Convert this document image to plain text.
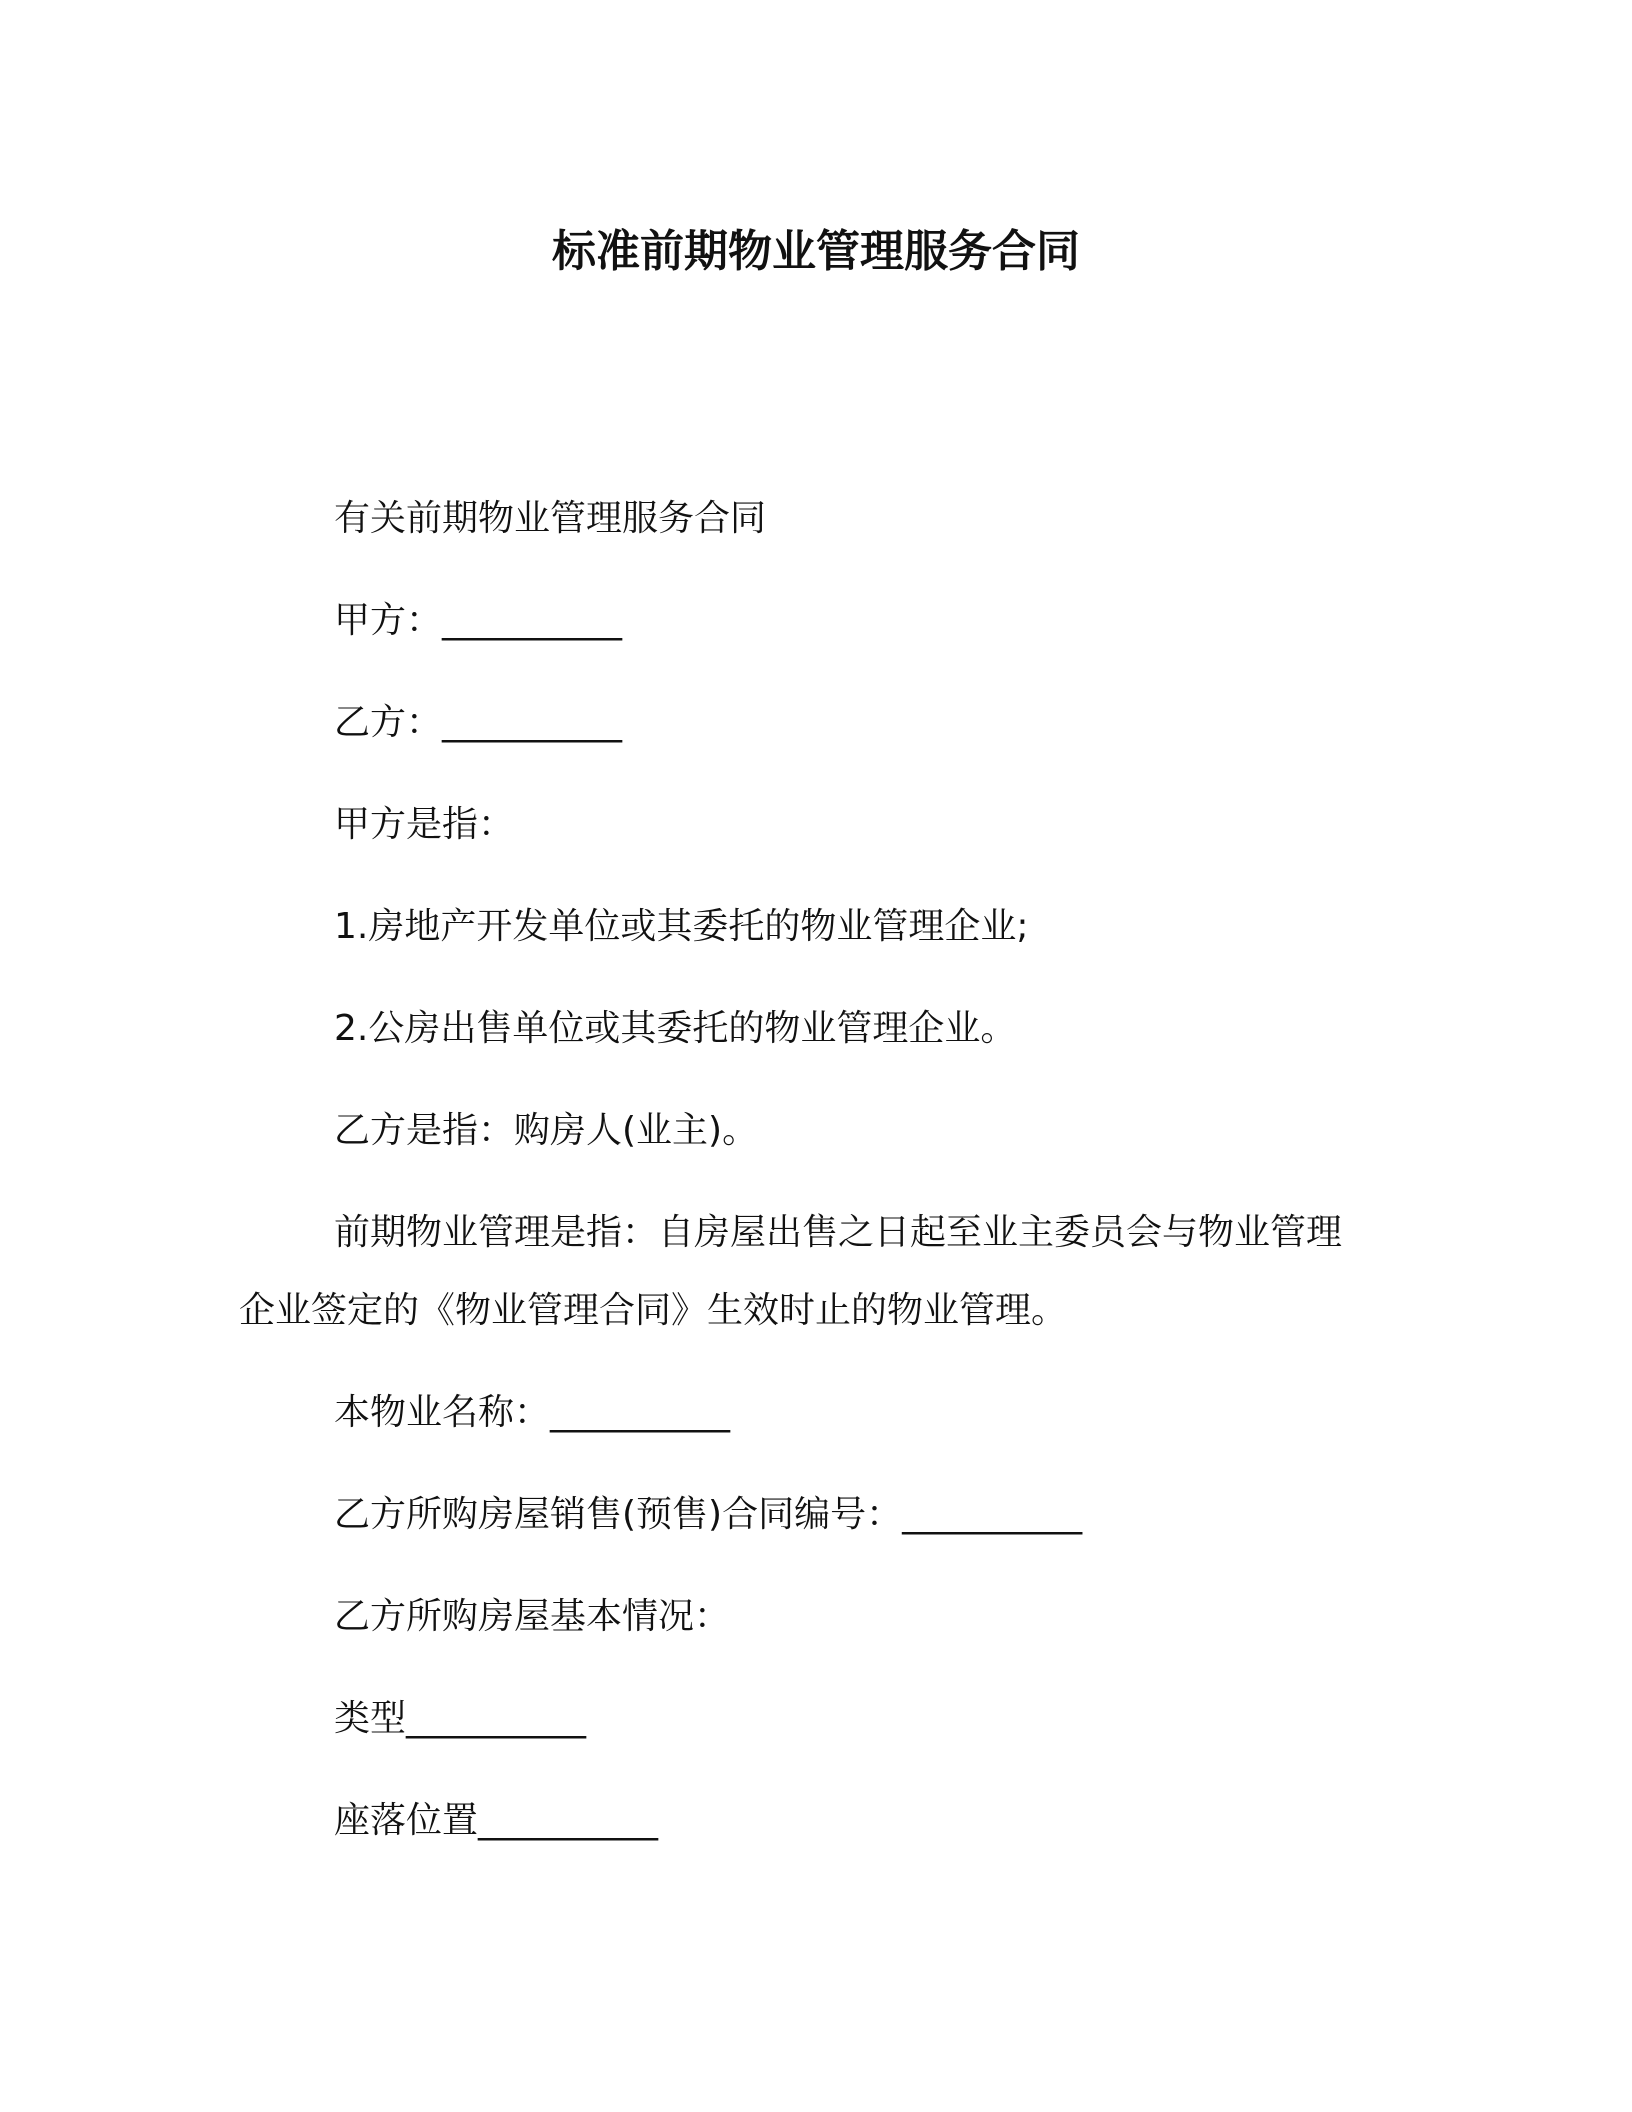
标准前期物业管理服务合同
有关前期物业管理服务合同
甲方：__________
乙方：__________
甲方是指：
1.房地产开发单位或其委托的物业管理企业;
2.公房出售单位或其委托的物业管理企业。
乙方是指：购房人(业主)。
前期物业管理是指：自房屋出售之日起至业主委员会与物业管理
企业签定的《物业管理合同》生效时止的物业管理。
本物业名称：__________
乙方所购房屋销售(预售)合同编号：__________
乙方所购房屋基本情况：
类型__________
座落位置__________
